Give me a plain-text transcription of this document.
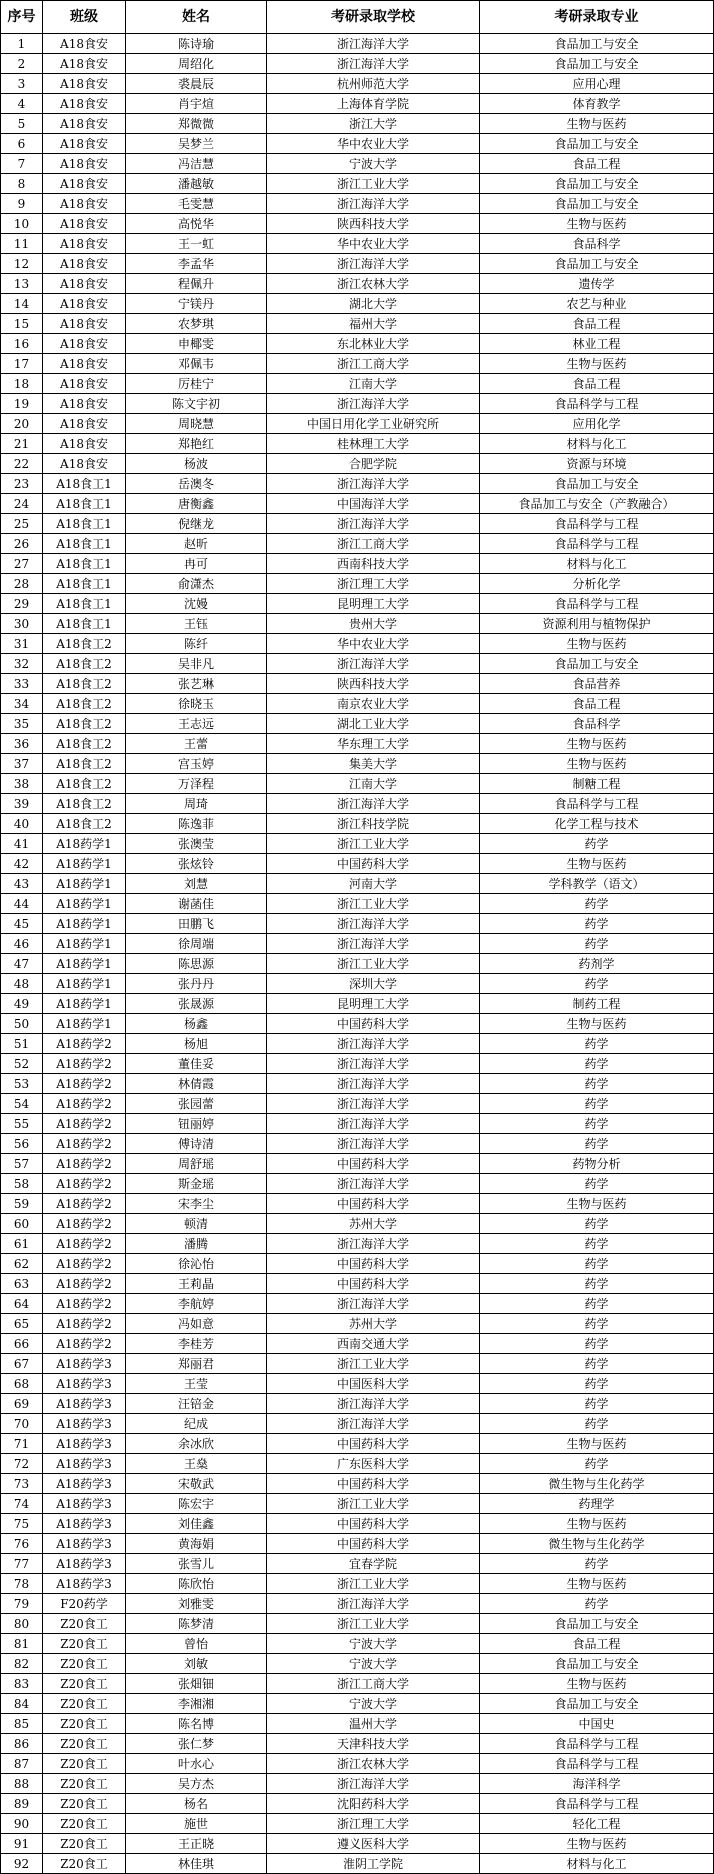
序号	班级	姓名	考研录取学校	考研录取专业
1	A18食安	陈诗瑜	浙江海洋大学	食品加工与安全
2	A18食安	周绍化	浙江海洋大学	食品加工与安全
3	A18食安	裘晨辰	杭州师范大学	应用心理
4	A18食安	肖宇煊	上海体育学院	体育教学
5	A18食安	郑微微	浙江大学	生物与医药
6	A18食安	吴梦兰	华中农业大学	食品加工与安全
7	A18食安	冯洁慧	宁波大学	食品工程
8	A18食安	潘越敏	浙江工业大学	食品加工与安全
9	A18食安	毛雯慧	浙江海洋大学	食品加工与安全
10	A18食安	高悦华	陕西科技大学	生物与医药
11	A18食安	王一虹	华中农业大学	食品科学
12	A18食安	李孟华	浙江海洋大学	食品加工与安全
13	A18食安	程佩升	浙江农林大学	遗传学
14	A18食安	宁镁丹	湖北大学	农艺与种业
15	A18食安	农梦琪	福州大学	食品工程
16	A18食安	申椰雯	东北林业大学	林业工程
17	A18食安	邓佩韦	浙江工商大学	生物与医药
18	A18食安	厉桂宁	江南大学	食品工程
19	A18食安	陈文宇初	浙江海洋大学	食品科学与工程
20	A18食安	周晓慧	中国日用化学工业研究所	应用化学
21	A18食安	郑艳红	桂林理工大学	材料与化工
22	A18食安	杨波	合肥学院	资源与环境
23	A18食工1	岳澳冬	浙江海洋大学	食品加工与安全
24	A18食工1	唐衡鑫	中国海洋大学	食品加工与安全（产教融合）
25	A18食工1	倪继龙	浙江海洋大学	食品科学与工程
26	A18食工1	赵昕	浙江工商大学	食品科学与工程
27	A18食工1	冉可	西南科技大学	材料与化工
28	A18食工1	俞潇杰	浙江理工大学	分析化学
29	A18食工1	沈嫚	昆明理工大学	食品科学与工程
30	A18食工1	王钰	贵州大学	资源利用与植物保护
31	A18食工2	陈纤	华中农业大学	生物与医药
32	A18食工2	吴非凡	浙江海洋大学	食品加工与安全
33	A18食工2	张艺琳	陕西科技大学	食品营养
34	A18食工2	徐晓玉	南京农业大学	食品工程
35	A18食工2	王志远	湖北工业大学	食品科学
36	A18食工2	王蕾	华东理工大学	生物与医药
37	A18食工2	宫玉婷	集美大学	生物与医药
38	A18食工2	万泽程	江南大学	制糖工程
39	A18食工2	周琦	浙江海洋大学	食品科学与工程
40	A18食工2	陈逸菲	浙江科技学院	化学工程与技术
41	A18药学1	张澳莹	浙江工业大学	药学
42	A18药学1	张炫铃	中国药科大学	生物与医药
43	A18药学1	刘慧	河南大学	学科教学（语文）
44	A18药学1	谢菡佳	浙江工业大学	药学
45	A18药学1	田鹏飞	浙江海洋大学	药学
46	A18药学1	徐周端	浙江海洋大学	药学
47	A18药学1	陈思源	浙江工业大学	药剂学
48	A18药学1	张丹丹	深圳大学	药学
49	A18药学1	张晟源	昆明理工大学	制药工程
50	A18药学1	杨鑫	中国药科大学	生物与医药
51	A18药学2	杨旭	浙江海洋大学	药学
52	A18药学2	董佳妥	浙江海洋大学	药学
53	A18药学2	林倩霞	浙江海洋大学	药学
54	A18药学2	张园蕾	浙江海洋大学	药学
55	A18药学2	钮丽婷	浙江海洋大学	药学
56	A18药学2	傅诗清	浙江海洋大学	药学
57	A18药学2	周舒瑶	中国药科大学	药物分析
58	A18药学2	斯金瑶	浙江海洋大学	药学
59	A18药学2	宋李尘	中国药科大学	生物与医药
60	A18药学2	顿清	苏州大学	药学
61	A18药学2	潘腾	浙江海洋大学	药学
62	A18药学2	徐沁怡	中国药科大学	药学
63	A18药学2	王莉晶	中国药科大学	药学
64	A18药学2	李航婷	浙江海洋大学	药学
65	A18药学2	冯如意	苏州大学	药学
66	A18药学2	李桂芳	西南交通大学	药学
67	A18药学3	郑丽君	浙江工业大学	药学
68	A18药学3	王莹	中国医科大学	药学
69	A18药学3	汪锫金	浙江海洋大学	药学
70	A18药学3	纪成	浙江海洋大学	药学
71	A18药学3	余冰欣	中国药科大学	生物与医药
72	A18药学3	王燊	广东医科大学	药学
73	A18药学3	宋敬武	中国药科大学	微生物与生化药学
74	A18药学3	陈宏宇	浙江工业大学	药理学
75	A18药学3	刘佳鑫	中国药科大学	生物与医药
76	A18药学3	黄海娟	中国药科大学	微生物与生化药学
77	A18药学3	张雪儿	宜春学院	药学
78	A18药学3	陈欣怡	浙江工业大学	生物与医药
79	F20药学	刘雅雯	浙江海洋大学	药学
80	Z20食工	陈梦清	浙江工业大学	食品加工与安全
81	Z20食工	曾怡	宁波大学	食品工程
82	Z20食工	刘敏	宁波大学	食品加工与安全
83	Z20食工	张畑钿	浙江工商大学	生物与医药
84	Z20食工	李湘湘	宁波大学	食品加工与安全
85	Z20食工	陈名博	温州大学	中国史
86	Z20食工	张仁梦	天津科技大学	食品科学与工程
87	Z20食工	叶水心	浙江农林大学	食品科学与工程
88	Z20食工	吴方杰	浙江海洋大学	海洋科学
89	Z20食工	杨名	沈阳药科大学	食品科学与工程
90	Z20食工	施世	浙江理工大学	轻化工程
91	Z20食工	王正晓	遵义医科大学	生物与医药
92	Z20食工	林佳琪	淮阴工学院	材料与化工
